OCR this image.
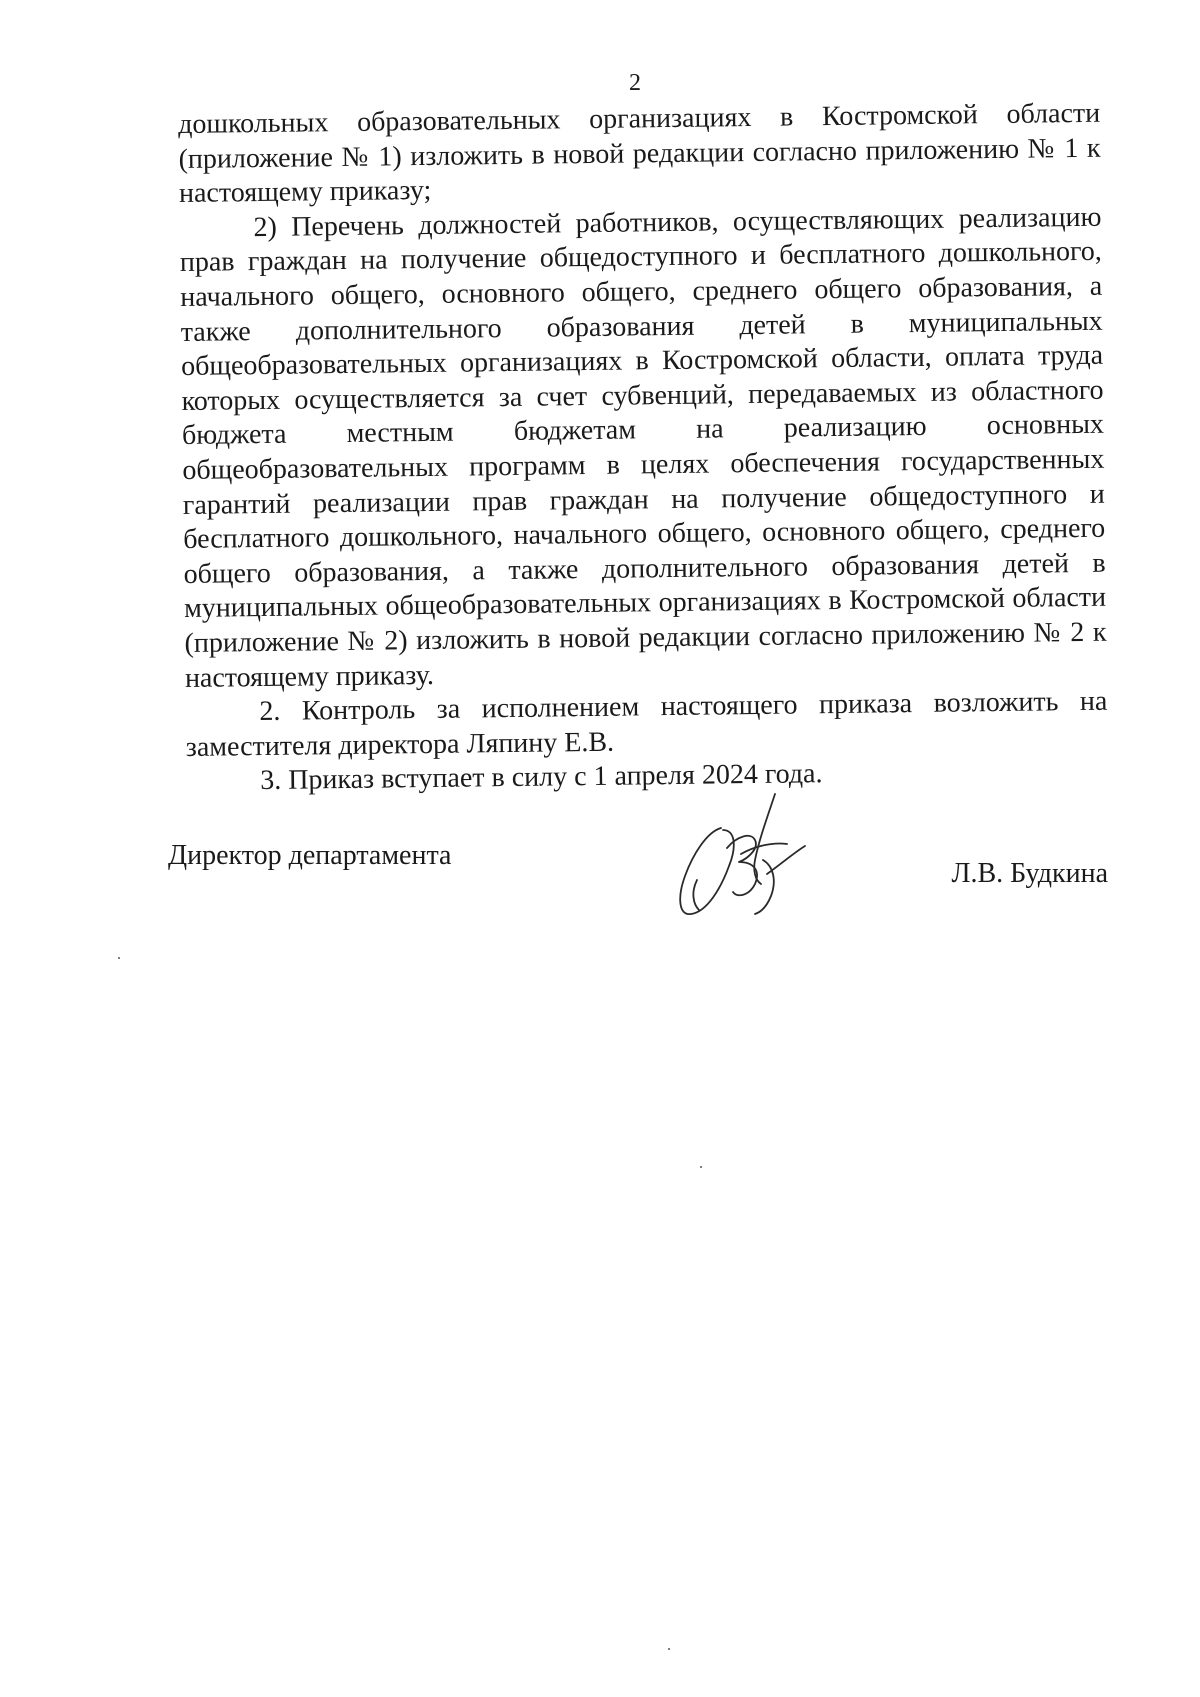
2

дошкольных образовательных организациях в Костромской области (приложение № 1) изложить в новой редакции согласно приложению № 1 к настоящему приказу;

2) Перечень должностей работников, осуществляющих реализацию прав граждан на получение общедоступного и бесплатного дошкольного, начального общего, основного общего, среднего общего образования, а также дополнительного образования детей в муниципальных общеобразовательных организациях в Костромской области, оплата труда которых осуществляется за счет субвенций, передаваемых из областного бюджета местным бюджетам на реализацию основных общеобразовательных программ в целях обеспечения государственных гарантий реализации прав граждан на получение общедоступного и бесплатного дошкольного, начального общего, основного общего, среднего общего образования, а также дополнительного образования детей в муниципальных общеобразовательных организациях в Костромской области (приложение № 2) изложить в новой редакции согласно приложению № 2 к настоящему приказу.

2. Контроль за исполнением настоящего приказа возложить на заместителя директора Ляпину Е.В.

3. Приказ вступает в силу с 1 апреля 2024 года.

Директор департамента
Л.В. Будкина
